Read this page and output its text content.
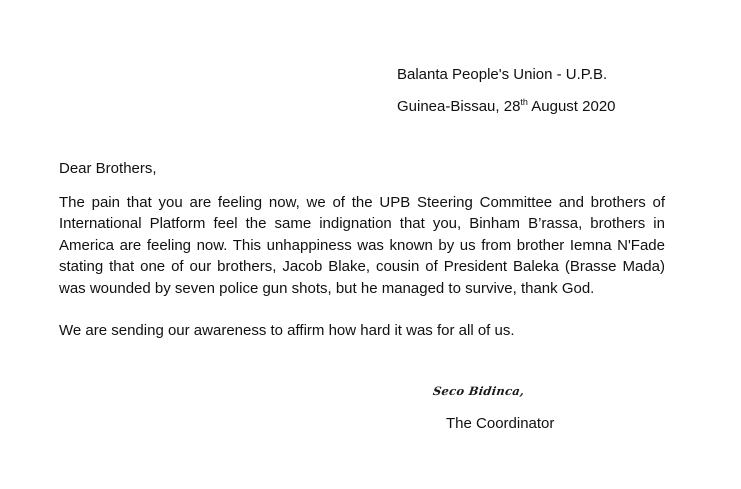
Balanta People's Union - U.P.B.
Guinea-Bissau, 28th August 2020
Dear Brothers,
The pain that you are feeling now, we of the UPB Steering Committee and brothers of International Platform feel the same indignation that you, Binham B’rassa, brothers in America are feeling now. This unhappiness was known by us from brother Iemna N'Fade stating that one of our brothers, Jacob Blake, cousin of President Baleka (Brasse Mada) was wounded by seven police gun shots, but he managed to survive, thank God.
We are sending our awareness to affirm how hard it was for all of us.
Seco Bidinca,
The Coordinator
